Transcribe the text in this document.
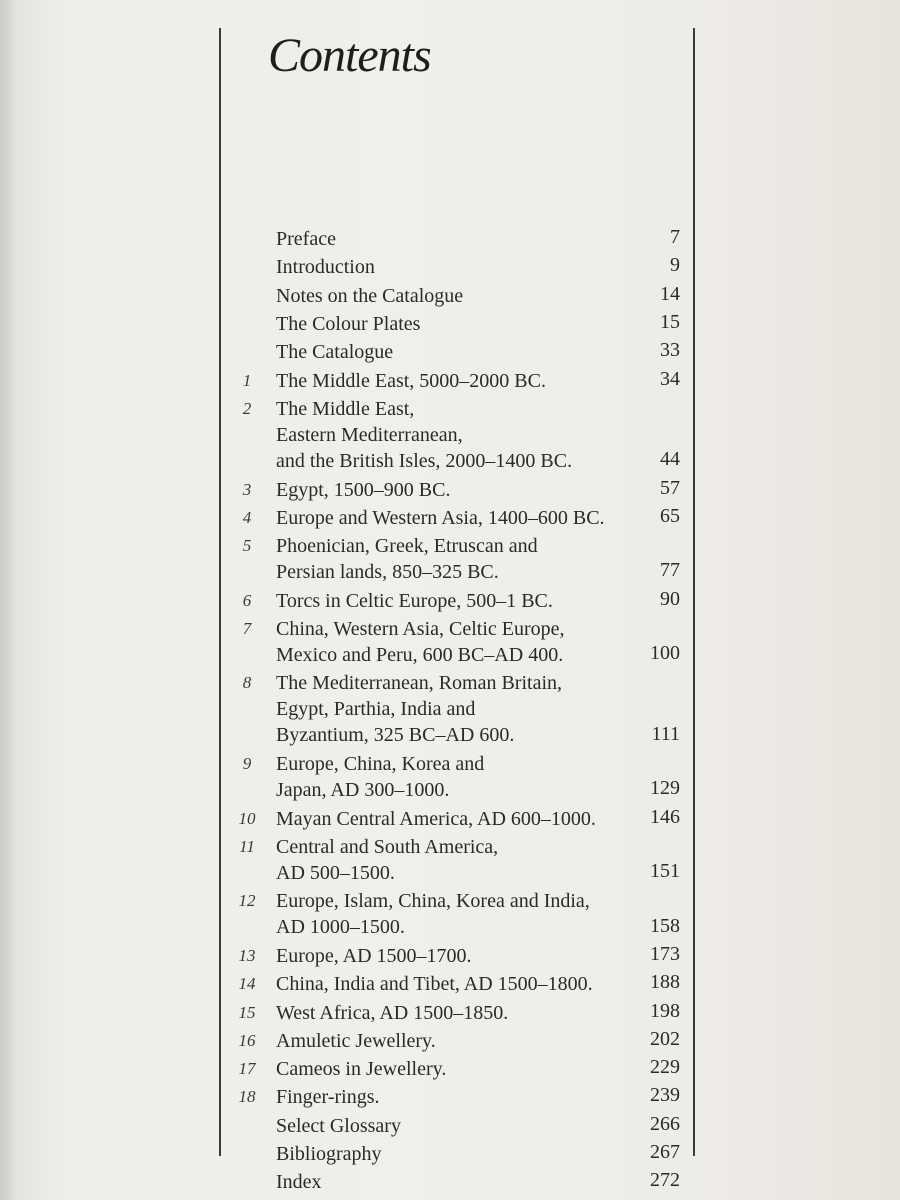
Contents
Preface	7
Introduction	9
Notes on the Catalogue	14
The Colour Plates	15
The Catalogue	33
1	The Middle East, 5000–2000 BC.	34
2	The Middle East,
Eastern Mediterranean,
and the British Isles, 2000–1400 BC.	44
3	Egypt, 1500–900 BC.	57
4	Europe and Western Asia, 1400–600 BC.	65
5	Phoenician, Greek, Etruscan and
Persian lands, 850–325 BC.	77
6	Torcs in Celtic Europe, 500–1 BC.	90
7	China, Western Asia, Celtic Europe,
Mexico and Peru, 600 BC–AD 400.	100
8	The Mediterranean, Roman Britain,
Egypt, Parthia, India and
Byzantium, 325 BC–AD 600.	111
9	Europe, China, Korea and
Japan, AD 300–1000.	129
10	Mayan Central America, AD 600–1000.	146
11	Central and South America,
AD 500–1500.	151
12	Europe, Islam, China, Korea and India,
AD 1000–1500.	158
13	Europe, AD 1500–1700.	173
14	China, India and Tibet, AD 1500–1800.	188
15	West Africa, AD 1500–1850.	198
16	Amuletic Jewellery.	202
17	Cameos in Jewellery.	229
18	Finger-rings.	239
Select Glossary	266
Bibliography	267
Index	272
